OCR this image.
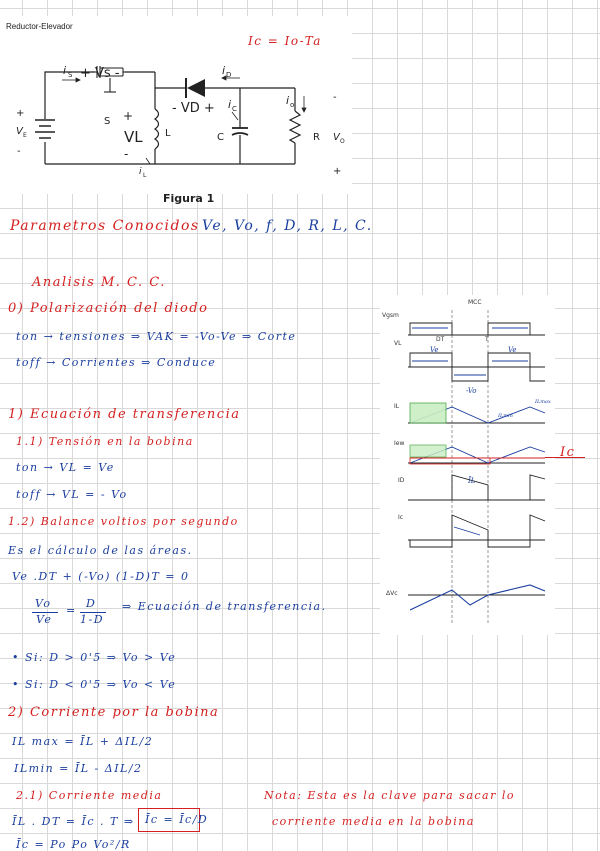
Reductor-Elevador
i S + Vs -	i D
- VD +
i o
i C
S +
VL
-
L	C	R
+
V E
-
-
V O
+
i L
Figura 1
Ic = Io-Ta
Parametros Conocidos Ve, Vo, f, D, R, L, C.
Analisis M. C. C.
0) Polarización del diodo
ton → tensiones ⇒ VAK = -Vo-Ve ⇒ Corte
toff → Corrientes ⇒ Conduce
1) Ecuación de transferencia
1.1) Tensión en la bobina
ton → VL = Ve
toff → VL = - Vo
1.2) Balance voltios por segundo
Es el cálculo de las áreas.
Ve .DT + (-Vo) (1-D)T = 0
Vo
Ve
=
D
1-D
⇒ Ecuación de transferencia.
• Si: D > 0'5 ⇒ Vo > Ve
• Si: D < 0'5 ⇒ Vo < Ve
2) Corriente por la bobina
IL max = ĪL + ΔIL/2
ILmin = ĪL - ΔIL/2
2.1) Corriente media
ĪL . DT = Īc . T ⇒ Īc = Īc/D
Īc = Po Po Vo²/R
Nota: Esta es la clave para sacar lo
corriente media en la bobina
MCC
Vgsm
VL
IL
Iew
ID
Ic
ΔVc
DT	T
Ve	Ve
-Vo
ILmax
ILmin
ĪL
Ic
